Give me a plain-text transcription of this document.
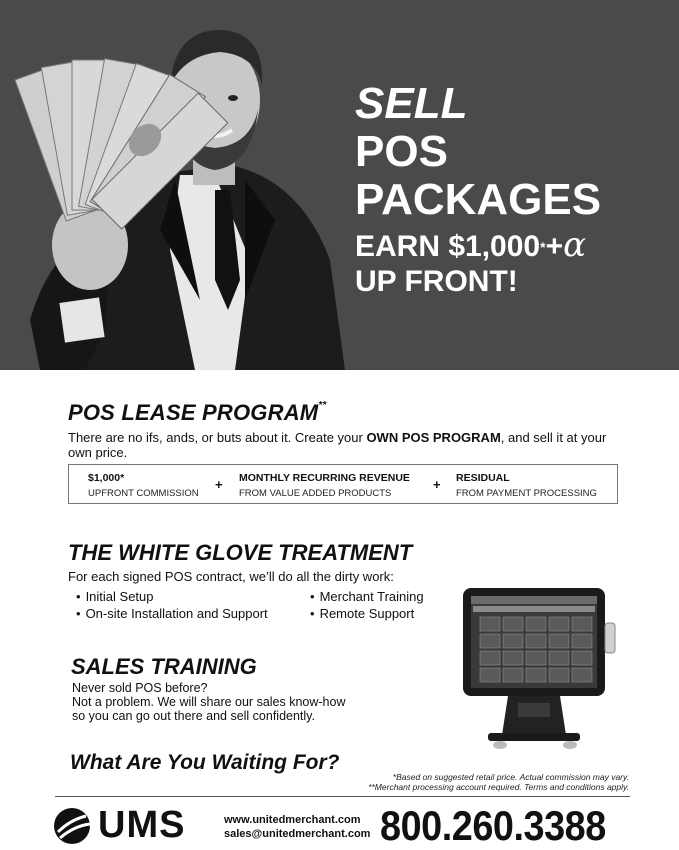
SELL
POS
PACKAGES
EARN $1,000*+α
UP FRONT!
POS LEASE PROGRAM**
There are no ifs, ands, or buts about it. Create your OWN POS PROGRAM, and sell it at your own price.
$1,000*
UPFRONT COMMISSION
+ MONTHLY RECURRING REVENUE
FROM VALUE ADDED PRODUCTS
+ RESIDUAL
FROM PAYMENT PROCESSING
THE WHITE GLOVE TREATMENT
For each signed POS contract, we’ll do all the dirty work:
• Initial Setup
• On-site Installation and Support
• Merchant Training
• Remote Support
SALES TRAINING
Never sold POS before?
Not a problem. We will share our sales know-how
so you can go out there and sell confidently.
What Are You Waiting For?
*Based on suggested retail price. Actual commission may vary.
**Merchant processing account required. Terms and conditions apply.
UMS	www.unitedmerchant.com
sales@unitedmerchant.com 800.260.3388
